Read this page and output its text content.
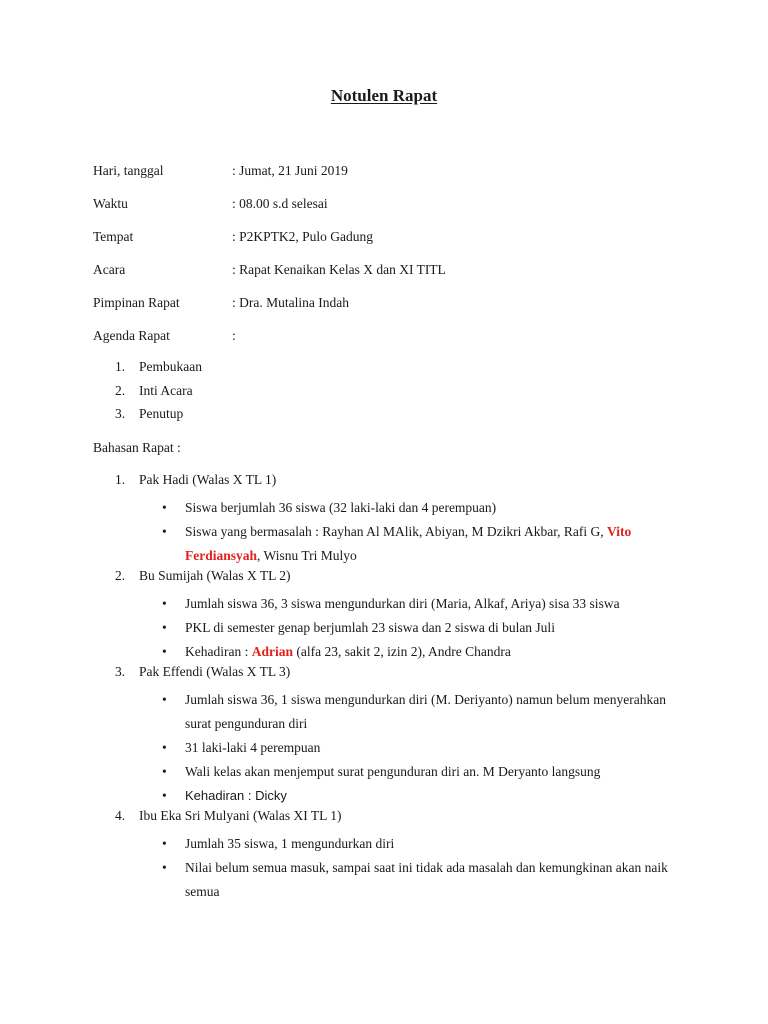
Notulen Rapat
Hari, tanggal	: Jumat, 21 Juni 2019
Waktu	: 08.00 s.d selesai
Tempat	: P2KPTK2, Pulo Gadung
Acara	: Rapat Kenaikan Kelas X dan XI TITL
Pimpinan Rapat	: Dra. Mutalina Indah
Agenda Rapat	:
1. Pembukaan
2. Inti Acara
3. Penutup
Bahasan Rapat :
1. Pak Hadi (Walas X TL 1)
• Siswa berjumlah 36 siswa (32 laki-laki dan 4 perempuan)
• Siswa yang bermasalah : Rayhan Al MAlik, Abiyan, M Dzikri Akbar, Rafi G, Vito Ferdiansyah, Wisnu Tri Mulyo
2. Bu Sumijah (Walas X TL 2)
• Jumlah siswa 36, 3 siswa mengundurkan diri (Maria, Alkaf, Ariya) sisa 33 siswa
• PKL di semester genap berjumlah 23 siswa dan 2 siswa di bulan Juli
• Kehadiran : Adrian (alfa 23, sakit 2, izin 2), Andre Chandra
3. Pak Effendi (Walas X TL 3)
• Jumlah siswa 36, 1 siswa mengundurkan diri (M. Deriyanto) namun belum menyerahkan surat pengunduran diri
• 31 laki-laki 4 perempuan
• Wali kelas akan menjemput surat pengunduran diri an. M Deryanto langsung
• Kehadiran : Dicky
4. Ibu Eka Sri Mulyani (Walas XI TL 1)
• Jumlah 35 siswa, 1 mengundurkan diri
• Nilai belum semua masuk, sampai saat ini tidak ada masalah dan kemungkinan akan naik semua
